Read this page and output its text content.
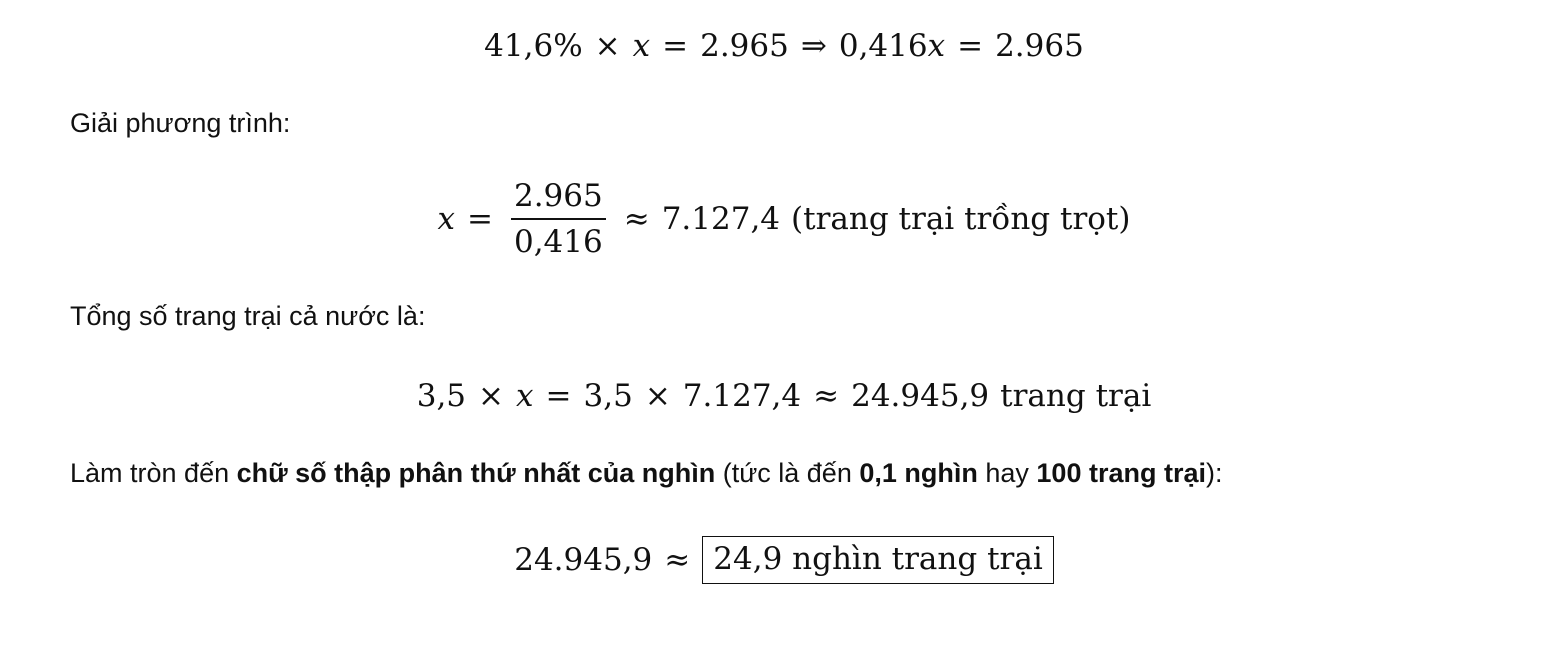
41,6% × x = 2.965 ⇒ 0,416 x = 2.965
Giải phương trình:
$x = \frac{2.965}{0,416} \approx 7.127,4$ (trang trại trồng trọt)
Tổng số trang trại cả nước là:
3,5 × x = 3,5 × 7.127,4 ≈ 24.945,9 trang trại
Làm tròn đến chữ số thập phân thứ nhất của nghìn (tức là đến 0,1 nghìn hay 100 trang trại):
24.945,9 ≈ 24,9 nghìn trang trại
